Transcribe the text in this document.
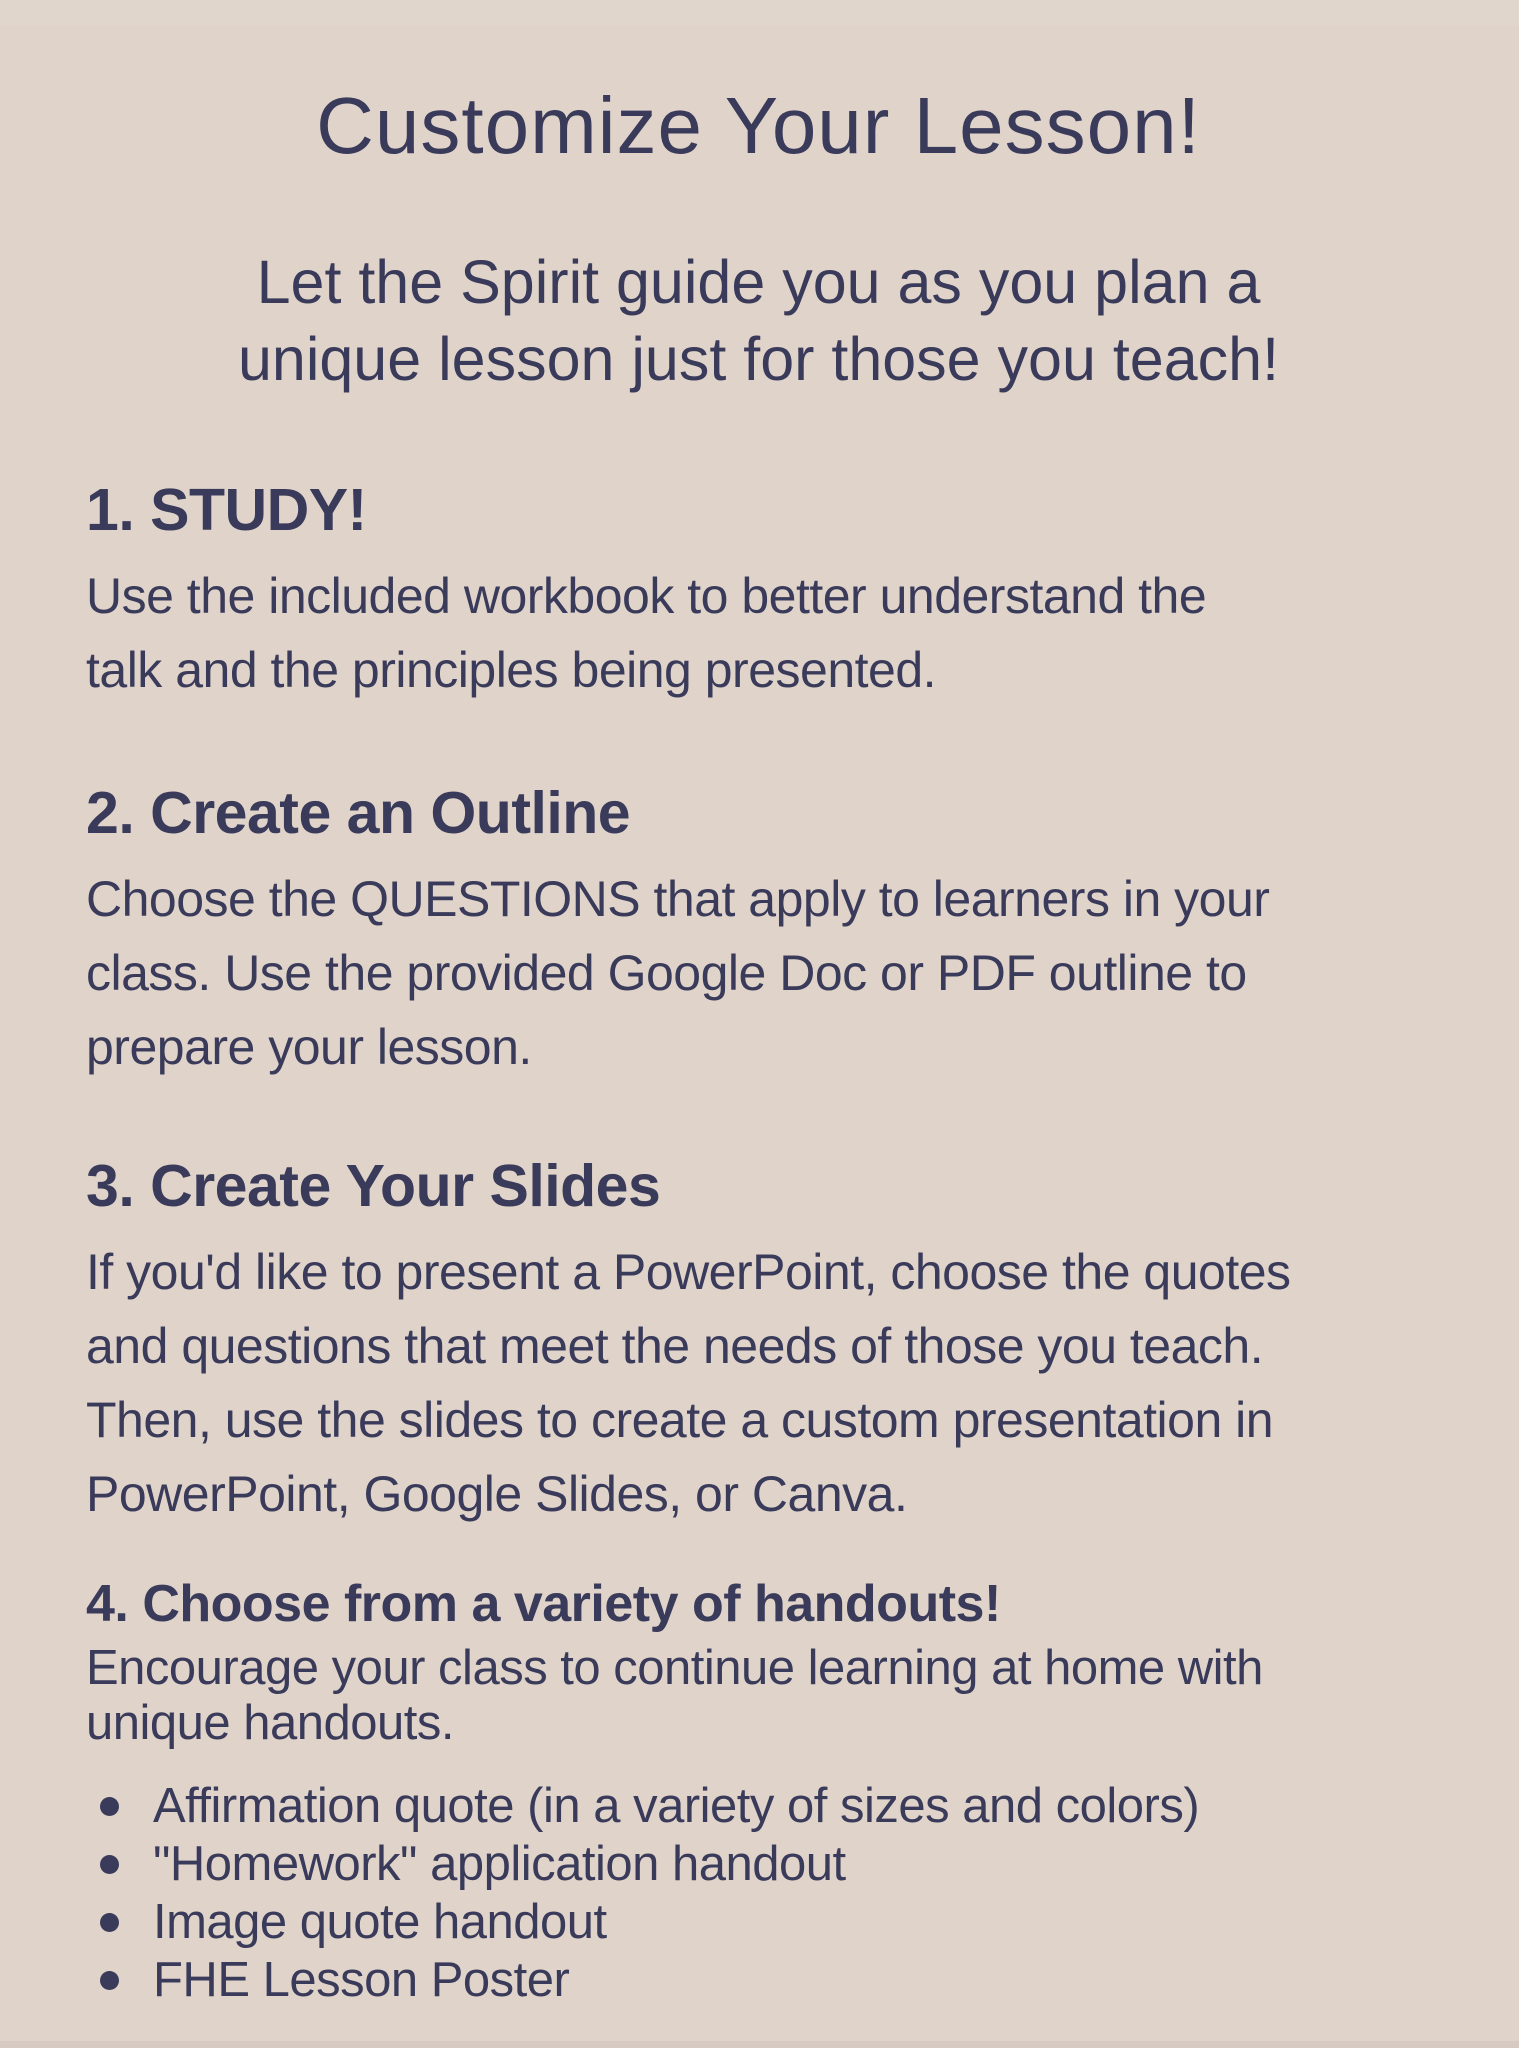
Customize Your Lesson!
Let the Spirit guide you as you plan a
unique lesson just for those you teach!
1. STUDY!
Use the included workbook to better understand the
talk and the principles being presented.
2. Create an Outline
Choose the QUESTIONS that apply to learners in your
class. Use the provided Google Doc or PDF outline to
prepare your lesson.
3. Create Your Slides
If you'd like to present a PowerPoint, choose the quotes
and questions that meet the needs of those you teach.
Then, use the slides to create a custom presentation in
PowerPoint, Google Slides, or Canva.
4. Choose from a variety of handouts!
Encourage your class to continue learning at home with
unique handouts.
Affirmation quote (in a variety of sizes and colors)
"Homework" application handout
Image quote handout
FHE Lesson Poster
